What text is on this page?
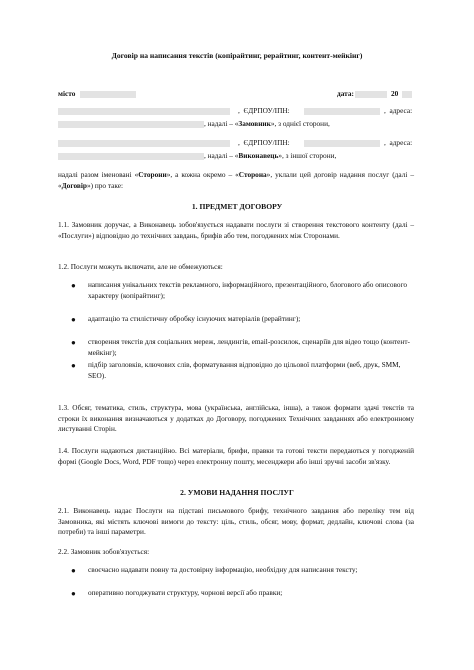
Договір на написання текстів (копірайтинг, рерайтинг, контент-мейкінг)
місто	дата:	20
,  ЄДРПОУ/ІПН:	,  адреса:
, надалі – «Замовник», з однієї сторони,
,  ЄДРПОУ/ІПН:	,  адреса:
, надалі – «Виконавець», з іншої сторони,

надалі разом іменовані «Сторони», а кожна окремо – «Сторона», уклали цей договір надання послуг (далі – «Договір») про таке:

1. ПРЕДМЕТ ДОГОВОРУ
1.1. Замовник доручає, а Виконавець зобов'язується надавати послуги зі створення текстового контенту (далі – «Послуги») відповідно до технічних завдань, брифів або тем, погоджених між Сторонами.
1.2. Послуги можуть включати, але не обмежуються:
● написання унікальних текстів рекламного, інформаційного, презентаційного, блогового або описового характеру (копірайтинг);
● адаптацію та стилістичну обробку існуючих матеріалів (рерайтинг);
● створення текстів для соціальних мереж, лендингів, email-розсилок, сценаріїв для відео тощо (контент-мейкінг);
● підбір заголовків, ключових слів, форматування відповідно до цільової платформи (веб, друк, SMM, SEO).
1.3. Обсяг, тематика, стиль, структура, мова (українська, англійська, інша), а також формати здачі текстів та строки їх виконання визначаються у додатках до Договору, погоджених Технічних завданнях або електронному листуванні Сторін.
1.4. Послуги надаються дистанційно. Всі матеріали, брифи, правки та готові тексти передаються у погодженій формі (Google Docs, Word, PDF тощо) через електронну пошту, месенджери або інші зручні засоби зв'язку.
2. УМОВИ НАДАННЯ ПОСЛУГ
2.1. Виконавець надає Послуги на підставі письмового брифу, технічного завдання або переліку тем від Замовника, які містять ключові вимоги до тексту: ціль, стиль, обсяг, мову, формат, дедлайн, ключові слова (за потреби) та інші параметри.
2.2. Замовник зобов'язується:
● своєчасно надавати повну та достовірну інформацію, необхідну для написання тексту;
● оперативно погоджувати структуру, чорнові версії або правки;
